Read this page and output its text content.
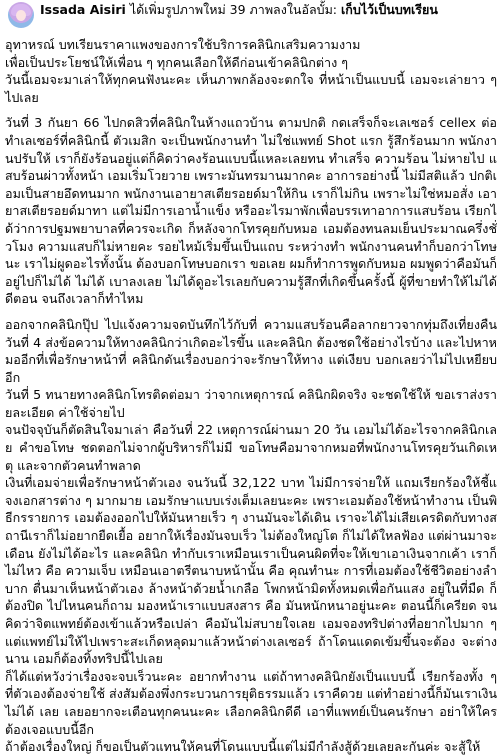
Issada Aisiri ได้เพิ่มรูปภาพใหม่ 39 ภาพลงในอัลบั้ม: เก็บไว้เป็นบทเรียน

อุทาหรณ์ บทเรียนราคาแพงของการใช้บริการคลินิกเสริมความงาม

เพื่อเป็นประโยชน์ให้เพื่อน ๆ ทุกคนเลือกให้ดีก่อนเข้าคลินิกต่าง ๆ

วันนี้เอมจะมาเล่าให้ทุกคนฟังนะคะ เห็นภาพกล้องจะตกใจ ที่หน้าเป็นแบบนี้ เอมจะเล่ายาว ๆ ไปเลย

วันที่ 3 กันยา 66 ไปกดสิวที่คลินิกในห้างแถวบ้าน ตามปกติ กดเสร็จก็จะเลเซอร์ cellex ต่อ ทำเลเซอร์ที่คลินิกนี้ ตัวเมสิก จะเป็นพนักงานทำ ไม่ใช่แพทย์ Shot แรก รู้สึกร้อนมาก พนักงานปรับให้ เราก็ยังร้อนอยู่แต่ก็คิดว่าคงร้อนแบบนี้แหละเลยทน ทำเสร็จ ความร้อน ไม่หายไป แสบร้อนผ่าวทั้งหน้า เอมเริ่มโวยวาย เพราะมันทรมานมากคะ อาการอย่างนี้ ไม่มีสติแล้ว ปกติเอมเป็นสายอึดทนมาก พนักงานเอายาสเตียรอยด์มาให้กิน เราก็ไม่กิน เพราะไม่ใช่หมอสั่ง เอายาสเตียรอยด์มาทา แต่ไม่มีการเอาน้ำแข็ง หรืออะไรมาพักเพื่อบรรเทาอาการแสบร้อน เรียกได้ว่าการปฐมพยาบาลที่ควรจะเกิด ก็หลังจากโทรคุยกับหมอ เอมต้องทนลมเย็นประมาณครึ่งชั่วโมง ความแสบก็ไม่หายคะ รอยไหม้เริ่มขึ้นเป็นแถบ ระหว่างทำ พนักงานคนทำก็บอกว่าโทษนะ เราไม่ผูดอะไรทั้งนั้น ต้องบอกโทษบอกเรา ขอเลย ผมก็ทำการพูดกับหมอ ผมพูดว่าคือมันก็อยู่ไปก็ไม่ได้ ไม่ได้ เบาลงเลย ไม่ได้ดูอะไรเลยกับความรู้สึกที่เกิดขึ้นครั้งนี้ ผู้ที่ขายทำให้ไม่ได้ดีตอน จนถึงเวลาก็ทำไหม

ออกจากคลินิกปุ๊ป ไปแจ้งความจดบันทึกไว้กับที่ ความแสบร้อนคือลากยาวจากทุ่มถึงเที่ยงคืน วันที่ 4 ส่งข้อความให้ทางคลินิกว่าเกิดอะไรขึ้น และคลินิก ต้องชดใช้อย่างไรบ้าง และไปหาหมออีกที่เพื่อรักษาหน้าที่ คลินิกดันเรื่องบอกว่าจะรักษาให้ทาง แต่เงียบ บอกเลยว่าไม่ไปเหยียบอีก

วันที่ 5 ทนายทางคลินิกโทรติดต่อมา ว่าจากเหตุการณ์ คลินิกผิดจริง จะชดใช้ให้ ขอเราส่งรายละเอียด ค่าใช้จ่ายไป

จนปัจจุบันก็ตัดสินใจมาเล่า คือวันที่ 22 เหตุการณ์ผ่านมา 20 วัน เอมไม่ได้อะไรจากคลินิกเลย คำขอโทษ ชดตอกไม่จากผู้บริหารก็ไม่มี ขอโทษคือมาจากหมอที่พนักงานโทรคุยวันเกิดเหตุ และจากตัวคนทำพลาด

เงินที่เอมจ่ายเพื่อรักษาหน้าตัวเอง จนวันนี้ 32,122 บาท ไม่มีการจ่ายให้ แถมเรียกร้องให้ชี้แจงเอกสารต่าง ๆ มากมาย เอมรักษาแบบเร่งเต็มเลยนะคะ เพราะเอมต้องใช้หน้าทำงาน เป็นพิธีกรรายการ เอมต้องออกไปให้มันหายเร็ว ๆ งานมันจะได้เดิน เราจะได้ไม่เสียเครดิตกับทางสถานีเราก็ไม่อยากยืดเยื้อ อยากให้เรื่องมันจบเร็ว ไม่ต้องใหญ่โต ก็ไม่ได้ใหลฟ้อง แต่ผ่านมาจะเดือน ยังไม่ได้อะไร และคลินิก ทำกับเราเหมือนเราเป็นคนผิดที่จะให้เขาเอาเงินจากเค้า เราก็ไม่ไหว คือ ความเจ็บ เหมือนเอาตรีตนาบหน้านั้น คือ คุณทำนะ การที่เอมต้องใช้ชีวิตอย่างลำบาก ตื่นมาเห็นหน้าตัวเอง ล้างหน้าด้วยน้ำเกลือ โพกหน้ามิดทั้งหมดเพื่อกันแสง อยู่ในที่มืด ก็ต้องปิด ไปไหนคนก็ถาม มองหน้าเราแบบสงสาร คือ มันหนักหนาอยู่นะคะ ตอนนี้ก็เครียด จนคิดว่าจิตแพทย์ต้องเข้าแล้วหรือเปล่า คือมันไม่สบายใจเลย เอมจองทริปต่างที่อยากไปมาก ๆ แต่แพทย์ไม่ให้ไปเพราะสะเก็ดหลุดมาแล้วหน้าต่างเลเซอร์ ถ้าโดนแดดเข้มขึ้นจะต้อง จะต่างนาน เอมก็ต้องทิ้งทริปนี้ไปเลย

ก็ได้แต่หวังว่าเรื่องจะจบเร็วนะคะ อยากทำงาน แต่ถ้าทางคลินิกยังเป็นแบบนี้ เรียกร้องทั้ง ๆ ที่ตัวเองต้องจ่ายใช้ ส่งสัมต้องพึ่งกระบวนการยุติธรรมแล้ว เราคืดวย แต่ทำอย่างนี้ก็มันเราเงินไม่ได้ เลย เลยอยากจะเตือนทุกคนนะคะ เลือกคลินิกดีดี เอาที่แพทย์เป็นคนรักษา อย่าให้ใครต้องเจอแบบนี้อีก

ถ้าต้องเรื่องใหญ่ ก็ขอเป็นตัวแทนให้คนที่โดนแบบนี้แต่ไม่มีกำลังสู้ด้วยเลยละกันค่ะ จะสู้ให้
